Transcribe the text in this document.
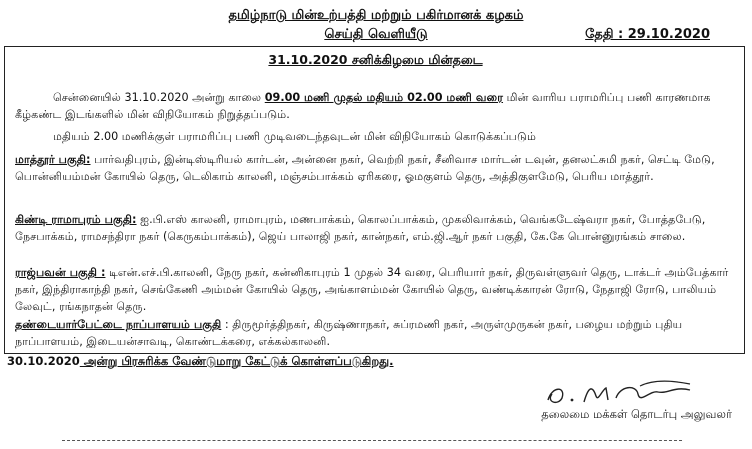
தமிழ்நாடு மின்உற்பத்தி மற்றும் பகிர்மானக் கழகம்
செய்தி வெளியீடு	தேதி : 29.10.2020
31.10.2020 சனிக்கிழமை மின்தடை

சென்னையில் 31.10.2020 அன்று காலை 09.00 மணி முதல் மதியம் 02.00 மணி வரை மின் வாரிய பராமரிப்பு பணி காரணமாக கீழ்கண்ட இடங்களில் மின் விநியோகம் நிறுத்தப்படும்.

மதியம் 2.00 மணிக்குள் பராமரிப்பு பணி முடிவடைந்தவுடன் மின் விநியோகம் கொடுக்கப்படும்

மாத்தூர் பகுதி: பார்வதிபுரம், இன்டிஸ்டிரியல் கார்டன், அன்னை நகர், வெற்றி நகர், சீனிவாச மார்டன் டவுன், தனலட்சுமி நகர், செட்டி மேடு, பொன்னியம்மன் கோயில் தெரு, டெலிகாம் காலனி, மஞ்சம்பாக்கம் ஏரிகரை, ஓமகுளம் தெரு, அத்திகுளமேடு, பெரிய மாத்தூர்.

கிண்டி ராமாபுரம் பகுதி: ஐ.பி.எஸ் காலனி, ராமாபுரம், மணபாக்கம், கொலப்பாக்கம், முகலிவாக்கம், வெங்கடேஷ்வரா நகர், போத்தபேடு, நேசபாக்கம், ராமசந்திரா நகர் (கெருகம்பாக்கம்), ஜெய் பாலாஜி நகர், கான்நகர், எம்.ஜி.ஆர் நகர் பகுதி, கே.கே பொன்னுரங்கம் சாலை.

ராஜ்பவன் பகுதி : டிஎன்.எச்.பி.காலனி, நேரு நகர், கன்னிகாபுரம் 1 முதல் 34 வரை, பெரியார் நகர், திருவள்ளுவர் தெரு, டாக்டர் அம்பேத்கார் நகர், இந்திராகாந்தி நகர், செங்கேணி அம்மன் கோயில் தெரு, அங்காளம்மன் கோயில் தெரு, வண்டிக்காரன் ரோடு, நேதாஜி ரோடு, பாலியம் லேவுட், ரங்கநாதன் தெரு.

தண்டையார்பேட்டை நாப்பாளயம் பகுதி : திருமூர்த்திநகர், கிருஷ்ணாநகர், சுப்ரமணி நகர், அருள்முருகன் நகர், பழைய மற்றும் புதிய நாப்பாளயம், இடையன்சாவடி, கொண்டக்கரை, எக்கல்காலனி.

30.10.2020 அன்று பிரசுரிக்க வேண்டுமாறு கேட்டுக் கொள்ளப்படுகிறது.
தலைமை மக்கள் தொடர்பு அலுவலர்
